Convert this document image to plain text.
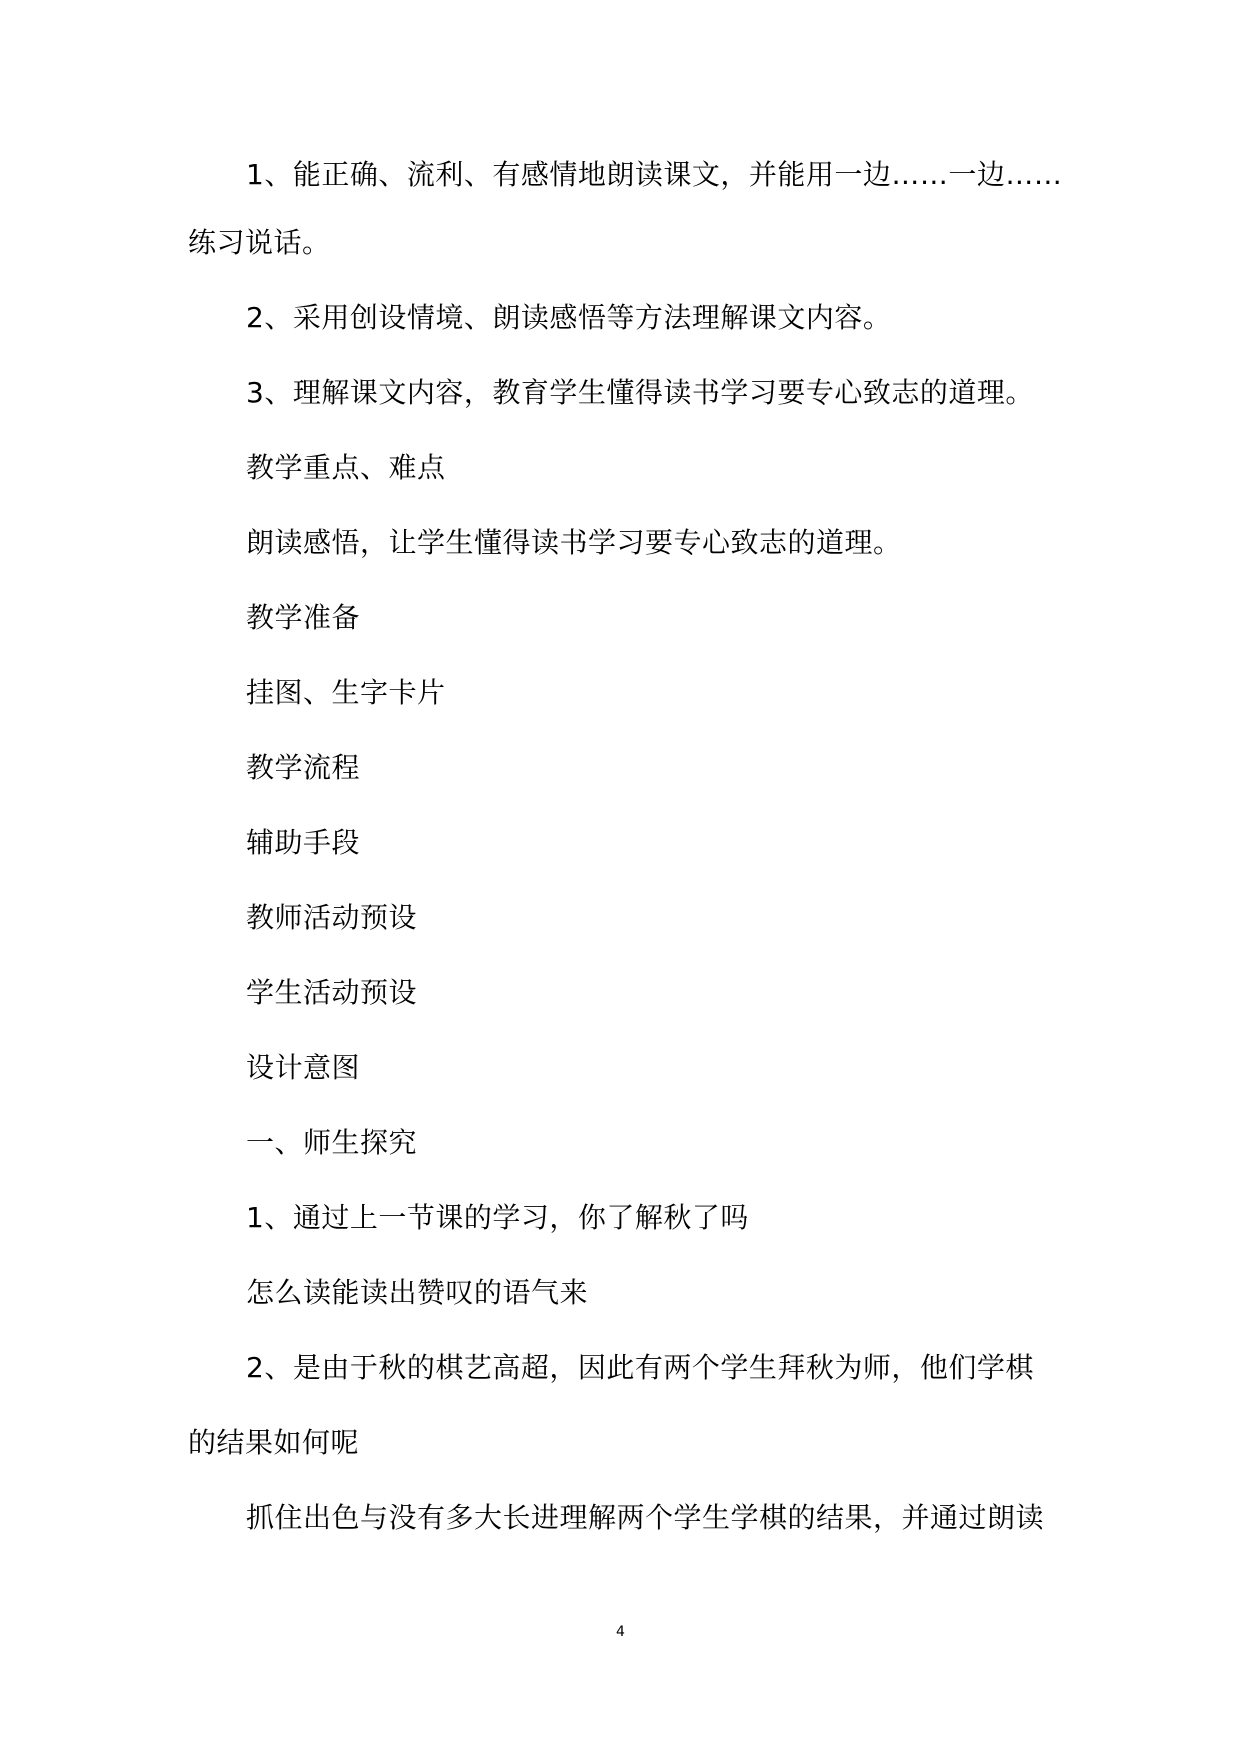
1、能正确、流利、有感情地朗读课文，并能用一边……一边……
练习说话。
2、采用创设情境、朗读感悟等方法理解课文内容。
3、理解课文内容，教育学生懂得读书学习要专心致志的道理。
教学重点、难点
朗读感悟，让学生懂得读书学习要专心致志的道理。
教学准备
挂图、生字卡片
教学流程
辅助手段
教师活动预设
学生活动预设
设计意图
一、师生探究
1、通过上一节课的学习，你了解秋了吗
怎么读能读出赞叹的语气来
2、是由于秋的棋艺高超，因此有两个学生拜秋为师，他们学棋
的结果如何呢
抓住出色与没有多大长进理解两个学生学棋的结果，并通过朗读
4
